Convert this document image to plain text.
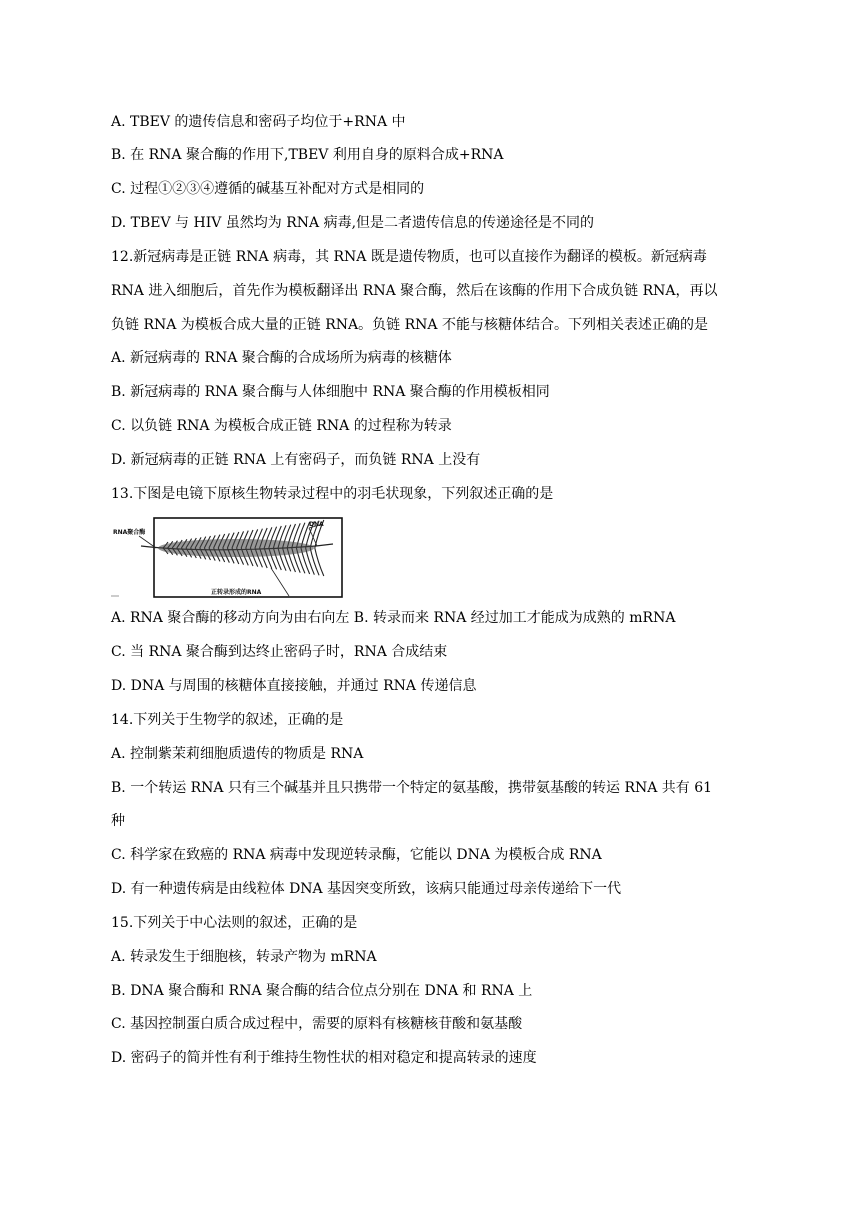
A. TBEV 的遗传信息和密码子均位于+RNA 中
B. 在 RNA 聚合酶的作用下,TBEV 利用自身的原料合成+RNA
C. 过程①②③④遵循的碱基互补配对方式是相同的
D. TBEV 与 HIV 虽然均为 RNA 病毒,但是二者遗传信息的传递途径是不同的
12.新冠病毒是正链 RNA 病毒，其 RNA 既是遗传物质，也可以直接作为翻译的模板。新冠病毒
RNA 进入细胞后，首先作为模板翻译出 RNA 聚合酶，然后在该酶的作用下合成负链 RNA，再以
负链 RNA 为模板合成大量的正链 RNA。负链 RNA 不能与核糖体结合。下列相关表述正确的是
A. 新冠病毒的 RNA 聚合酶的合成场所为病毒的核糖体
B. 新冠病毒的 RNA 聚合酶与人体细胞中 RNA 聚合酶的作用模板相同
C. 以负链 RNA 为模板合成正链 RNA 的过程称为转录
D. 新冠病毒的正链 RNA 上有密码子，而负链 RNA 上没有
13.下图是电镜下原核生物转录过程中的羽毛状现象，下列叙述正确的是
RNA聚合酶
DNA
正转录形成的RNA
A. RNA 聚合酶的移动方向为由右向左 B. 转录而来 RNA 经过加工才能成为成熟的 mRNA
C. 当 RNA 聚合酶到达终止密码子时，RNA 合成结束
D. DNA 与周围的核糖体直接接触，并通过 RNA 传递信息
14.下列关于生物学的叙述，正确的是
A. 控制紫茉莉细胞质遗传的物质是 RNA
B. 一个转运 RNA 只有三个碱基并且只携带一个特定的氨基酸，携带氨基酸的转运 RNA 共有 61
种
C. 科学家在致癌的 RNA 病毒中发现逆转录酶，它能以 DNA 为模板合成 RNA
D. 有一种遗传病是由线粒体 DNA 基因突变所致，该病只能通过母亲传递给下一代
15.下列关于中心法则的叙述，正确的是
A. 转录发生于细胞核，转录产物为 mRNA
B. DNA 聚合酶和 RNA 聚合酶的结合位点分别在 DNA 和 RNA 上
C. 基因控制蛋白质合成过程中，需要的原料有核糖核苷酸和氨基酸
D. 密码子的简并性有利于维持生物性状的相对稳定和提高转录的速度
